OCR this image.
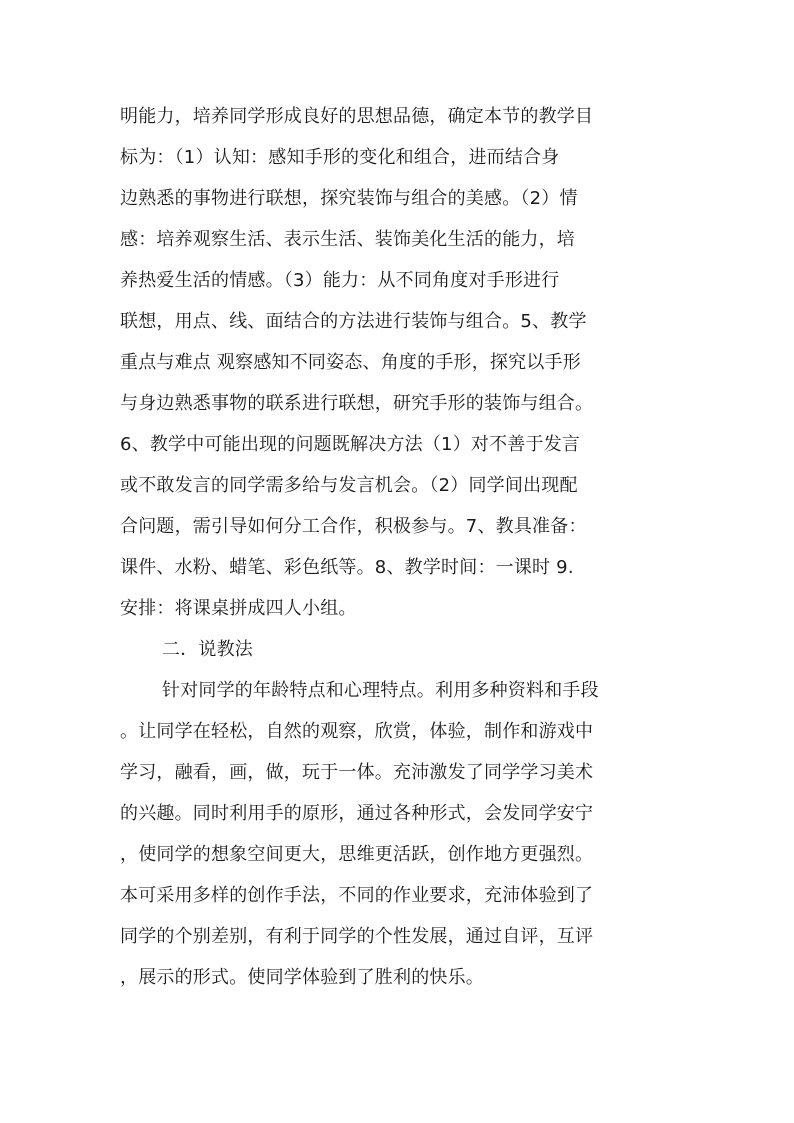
明能力，培养同学形成良好的思想品德，确定本节的教学目
标为：（1）认知：感知手形的变化和组合，进而结合身
边熟悉的事物进行联想，探究装饰与组合的美感。（2）情
感：培养观察生活、表示生活、装饰美化生活的能力，培
养热爱生活的情感。（3）能力：从不同角度对手形进行
联想，用点、线、面结合的方法进行装饰与组合。5、教学
重点与难点 观察感知不同姿态、角度的手形，探究以手形
与身边熟悉事物的联系进行联想，研究手形的装饰与组合。
6、教学中可能出现的问题既解决方法（1）对不善于发言
或不敢发言的同学需多给与发言机会。（2）同学间出现配
合问题，需引导如何分工合作，积极参与。7、教具准备：
课件、水粉、蜡笔、彩色纸等。8、教学时间：一课时 9.
安排：将课桌拼成四人小组。
二．说教法
针对同学的年龄特点和心理特点。利用多种资料和手段
。让同学在轻松，自然的观察，欣赏，体验，制作和游戏中
学习，融看，画，做，玩于一体。充沛激发了同学学习美术
的兴趣。同时利用手的原形，通过各种形式，会发同学安宁
，使同学的想象空间更大，思维更活跃，创作地方更强烈。
本可采用多样的创作手法，不同的作业要求，充沛体验到了
同学的个别差别，有利于同学的个性发展，通过自评，互评
，展示的形式。使同学体验到了胜利的快乐。
